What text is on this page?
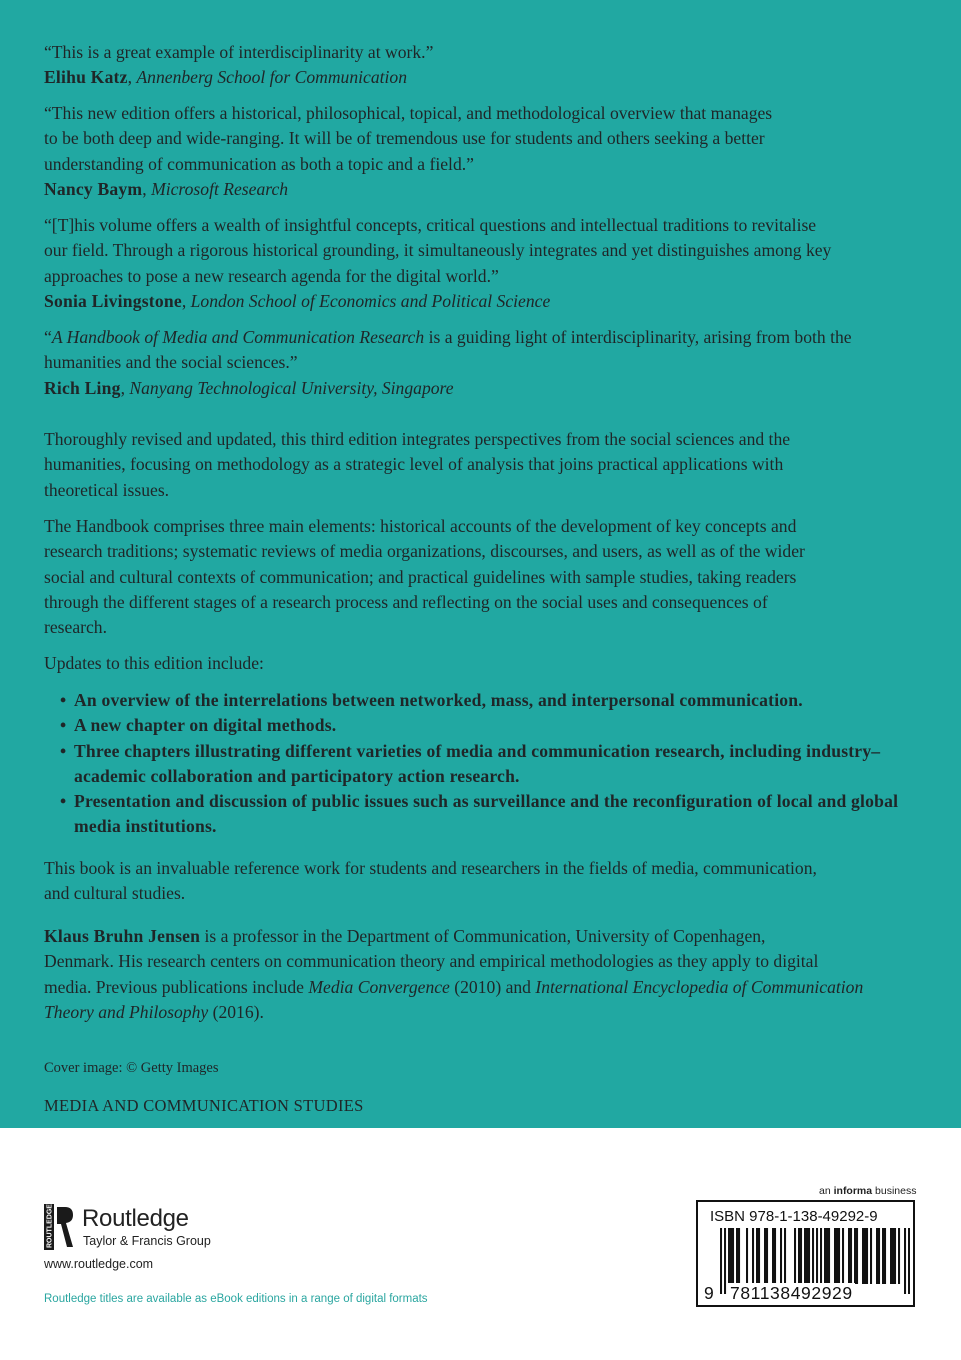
“This is a great example of interdisciplinarity at work.”
Elihu Katz, Annenberg School for Communication

“This new edition offers a historical, philosophical, topical, and methodological overview that manages
to be both deep and wide-ranging. It will be of tremendous use for students and others seeking a better
understanding of communication as both a topic and a field.”
Nancy Baym, Microsoft Research

“[T]his volume offers a wealth of insightful concepts, critical questions and intellectual traditions to revitalise
our field. Through a rigorous historical grounding, it simultaneously integrates and yet distinguishes among key
approaches to pose a new research agenda for the digital world.”
Sonia Livingstone, London School of Economics and Political Science

“A Handbook of Media and Communication Research is a guiding light of interdisciplinarity, arising from both the
humanities and the social sciences.”
Rich Ling, Nanyang Technological University, Singapore

Thoroughly revised and updated, this third edition integrates perspectives from the social sciences and the
humanities, focusing on methodology as a strategic level of analysis that joins practical applications with
theoretical issues.

The Handbook comprises three main elements: historical accounts of the development of key concepts and
research traditions; systematic reviews of media organizations, discourses, and users, as well as of the wider
social and cultural contexts of communication; and practical guidelines with sample studies, taking readers
through the different stages of a research process and reflecting on the social uses and consequences of
research.

Updates to this edition include:

• An overview of the interrelations between networked, mass, and interpersonal communication.
• A new chapter on digital methods.
• Three chapters illustrating different varieties of media and communication research, including industry–academic collaboration and participatory action research.
• Presentation and discussion of public issues such as surveillance and the reconfiguration of local and global media institutions.

This book is an invaluable reference work for students and researchers in the fields of media, communication,
and cultural studies.

Klaus Bruhn Jensen is a professor in the Department of Communication, University of Copenhagen,
Denmark. His research centers on communication theory and empirical methodologies as they apply to digital
media. Previous publications include Media Convergence (2010) and International Encyclopedia of Communication
Theory and Philosophy (2016).

Cover image: © Getty Images

MEDIA AND COMMUNICATION STUDIES

ROUTLEDGE Routledge
Taylor & Francis Group
www.routledge.com
Routledge titles are available as eBook editions in a range of digital formats
an informa business
ISBN 978-1-138-49292-9
9 781138492929
